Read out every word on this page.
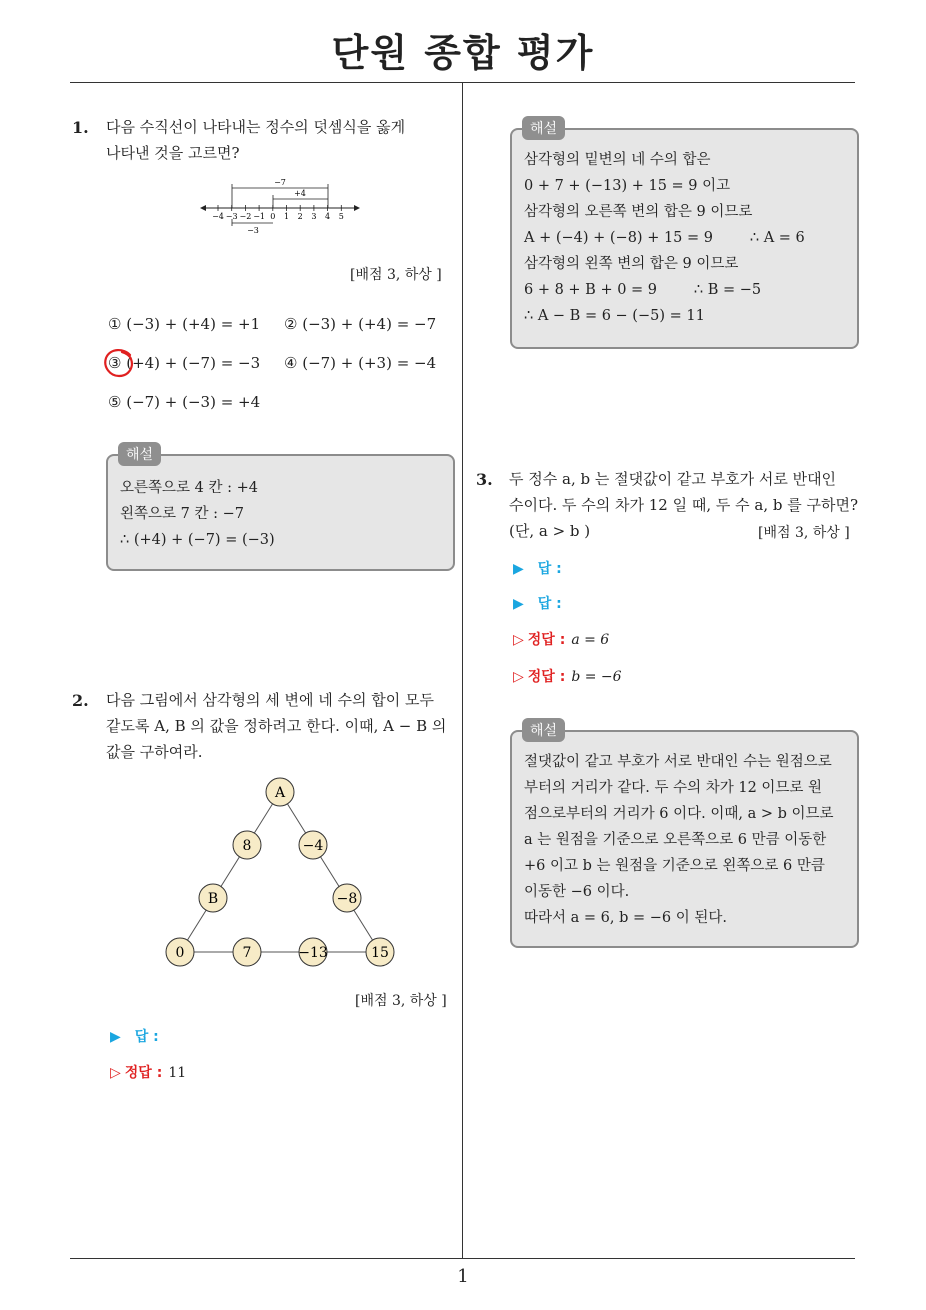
단원 종합 평가
1. 다음 수직선이 나타내는 정수의 덧셈식을 옳게
나타낸 것을 고르면?
−4 −3 −2 −1 0 1 2 3 4 5
−7
+4
−3
[배점 3, 하상 ]
① (−3) + (+4) = +1 ② (−3) + (+4) = −7
③ (+4) + (−7) = −3 ④ (−7) + (+3) = −4
⑤ (−7) + (−3) = +4
오른쪽으로 4 칸 : +4
왼쪽으로 7 칸 : −7
∴ (+4) + (−7) = (−3)
해설
2. 다음 그림에서 삼각형의 세 변에 네 수의 합이 모두
같도록 A, B 의 값을 정하려고 한다. 이때, A − B 의
값을 구하여라.
A
8
B
−4
−8
0	7	−13	15
[배점 3, 하상 ]
▶ 답 :
▷ 정답 : 11
삼각형의 밑변의 네 수의 합은
0 + 7 + (−13) + 15 = 9 이고
삼각형의 오른쪽 변의 합은 9 이므로
A + (−4) + (−8) + 15 = 9        ∴ A = 6
삼각형의 왼쪽 변의 합은 9 이므로
6 + 8 + B + 0 = 9        ∴ B = −5
∴ A − B = 6 − (−5) = 11
해설
3. 두 정수 a, b 는 절댓값이 같고 부호가 서로 반대인
수이다. 두 수의 차가 12 일 때, 두 수 a, b 를 구하면?
(단, a > b )	[배점 3, 하상 ]
▶ 답 :
▶ 답 :
▷ 정답 : a = 6
▷ 정답 : b = −6
절댓값이 같고 부호가 서로 반대인 수는 원점으로
부터의 거리가 같다. 두 수의 차가 12 이므로 원
점으로부터의 거리가 6 이다. 이때, a > b 이므로
a 는 원점을 기준으로 오른쪽으로 6 만큼 이동한
+6 이고 b 는 원점을 기준으로 왼쪽으로 6 만큼
이동한 −6 이다.
따라서 a = 6, b = −6 이 된다.
해설
1
